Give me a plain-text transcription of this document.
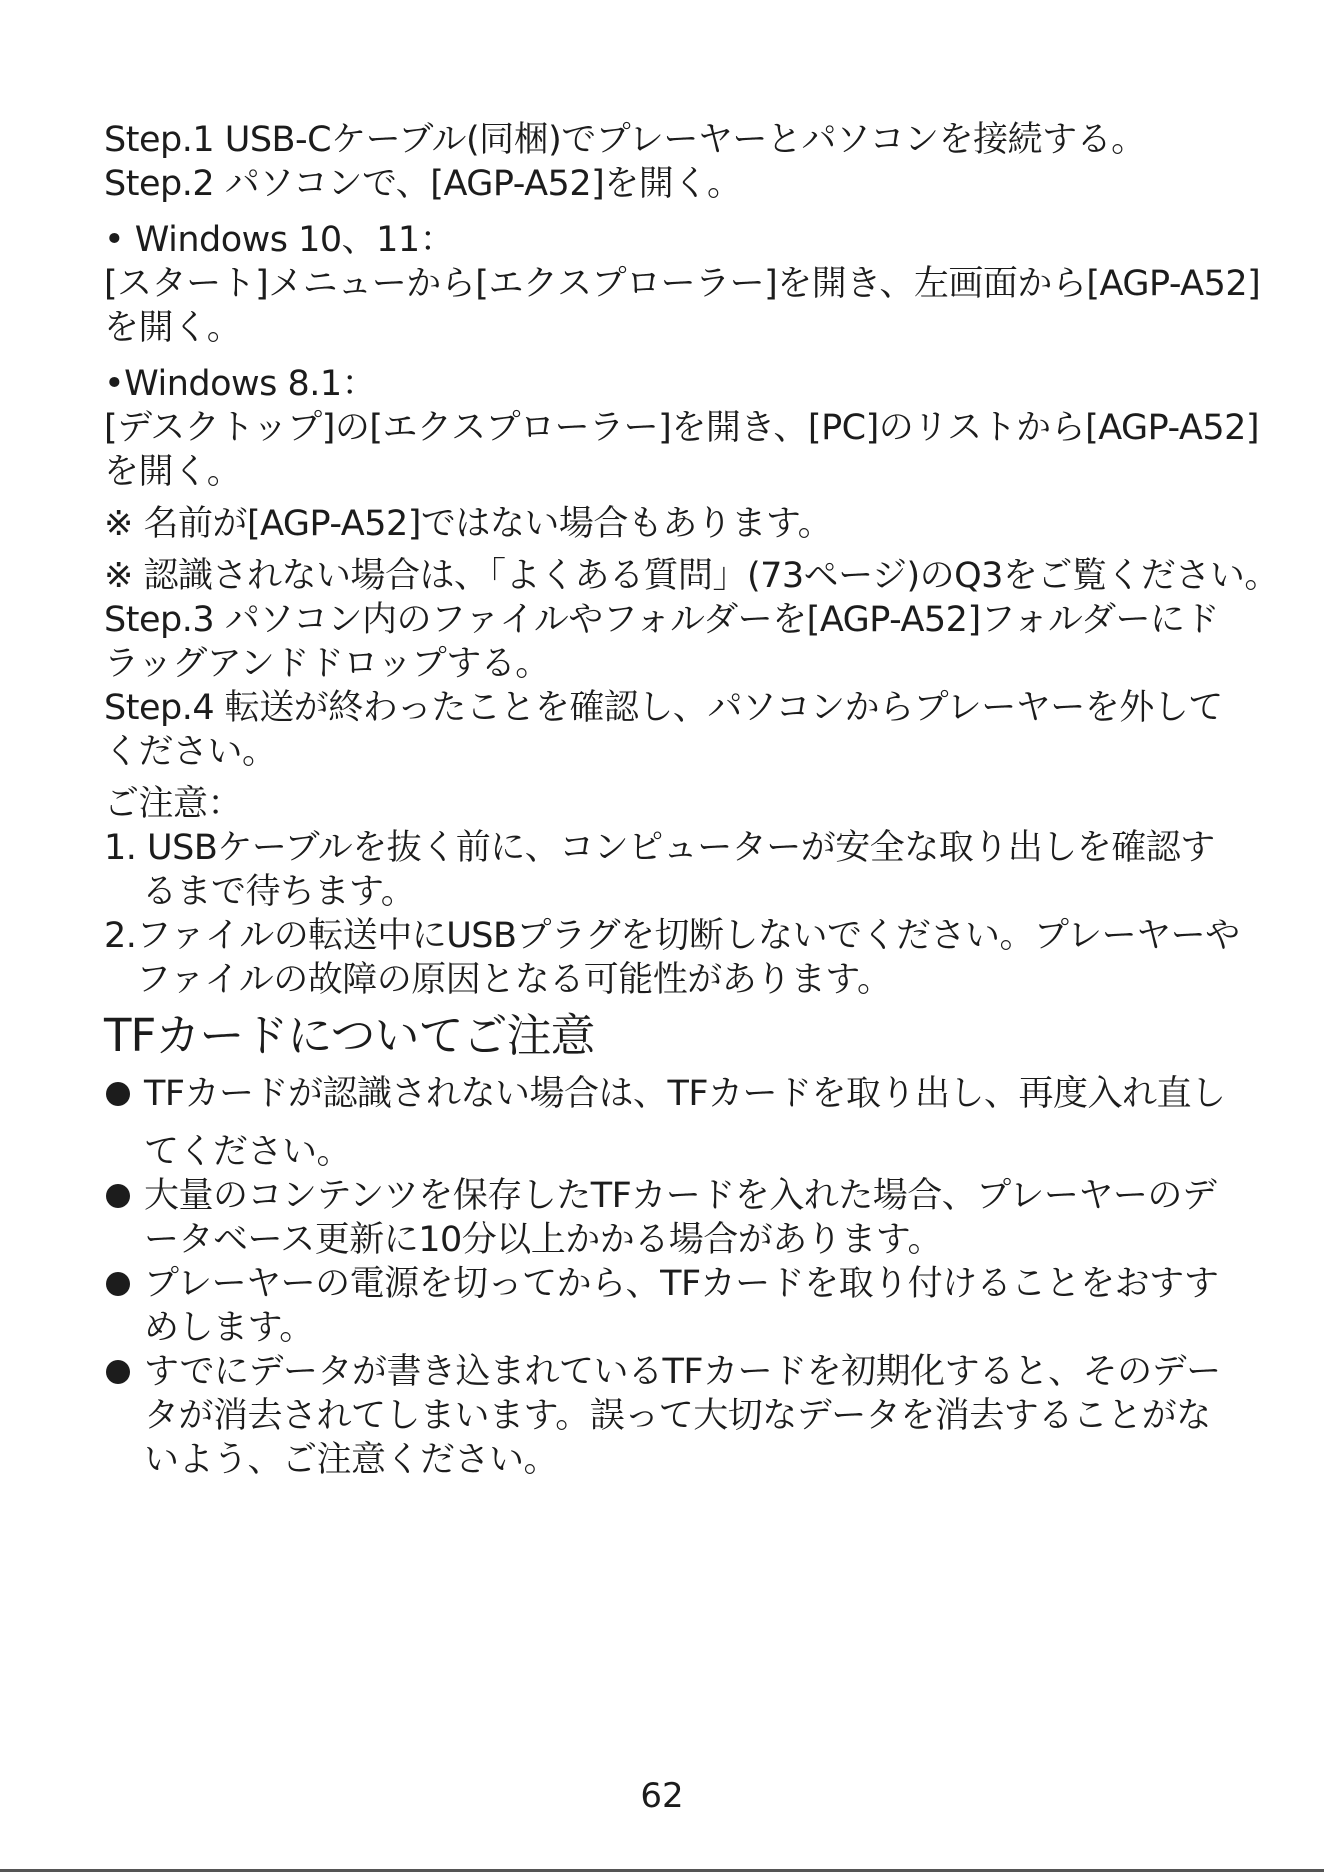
Step.1 USB-Cケーブル(同梱)でプレーヤーとパソコンを接続する。
Step.2 パソコンで、[AGP-A52]を開く。
• Windows 10、11：
[スタート]メニューから[エクスプローラー]を開き、左画面から[AGP-A52]
を開く。
•Windows 8.1：
[デスクトップ]の[エクスプローラー]を開き、[PC]のリストから[AGP-A52]
を開く。
※ 名前が[AGP-A52]ではない場合もあります。
※ 認識されない場合は、「よくある質問」(73ページ)のQ3をご覧ください。
Step.3 パソコン内のファイルやフォルダーを[AGP-A52]フォルダーにド
ラッグアンドドロップする。
Step.4 転送が終わったことを確認し、パソコンからプレーヤーを外して
ください。
ご注意：
1. USBケーブルを抜く前に、コンピューターが安全な取り出しを確認す
るまで待ちます。
2.ファイルの転送中にUSBプラグを切断しないでください。プレーヤーや
ファイルの故障の原因となる可能性があります。
TFカードについてご注意
TFカードが認識されない場合は、TFカードを取り出し、再度入れ直し
てください。
大量のコンテンツを保存したTFカードを入れた場合、プレーヤーのデ
ータベース更新に10分以上かかる場合があります。
プレーヤーの電源を切ってから、TFカードを取り付けることをおすす
めします。
すでにデータが書き込まれているTFカードを初期化すると、そのデー
タが消去されてしまいます。誤って大切なデータを消去することがな
いよう、ご注意ください。
62
